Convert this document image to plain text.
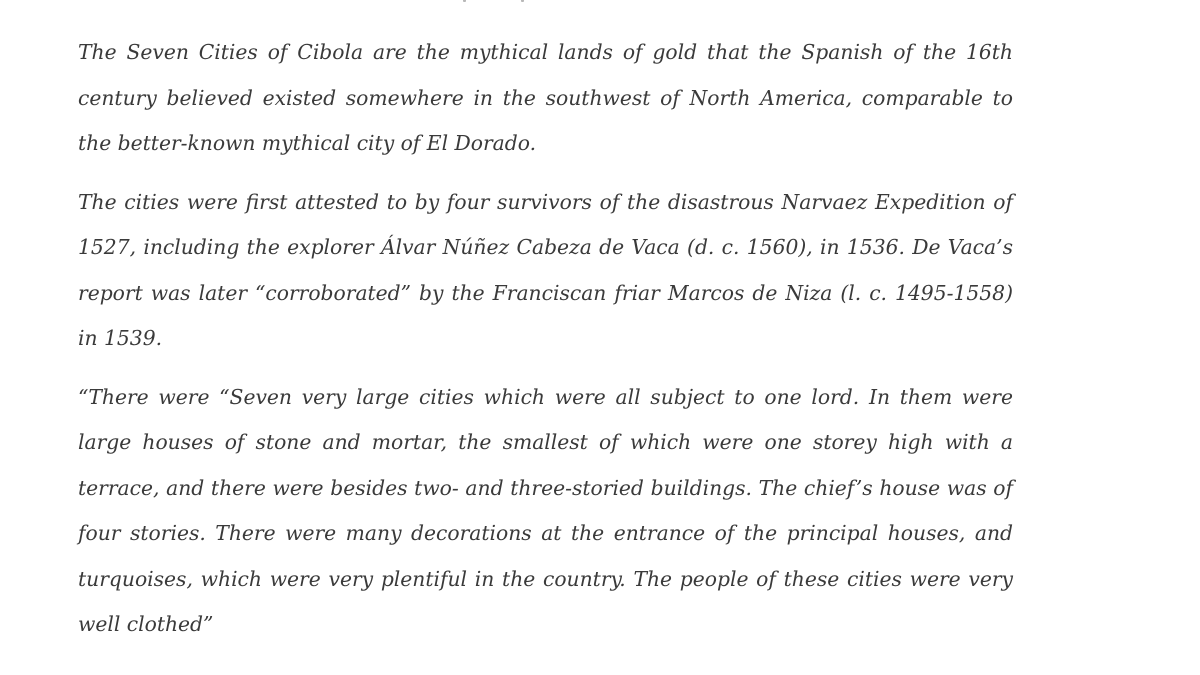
The Seven Cities of Cibola are the mythical lands of gold that the Spanish of the 16th century believed existed somewhere in the southwest of North America, comparable to the better-known mythical city of El Dorado.

The cities were first attested to by four survivors of the disastrous Narvaez Expedition of 1527, including the explorer Álvar Núñez Cabeza de Vaca (d. c. 1560), in 1536. De Vaca’s report was later “corroborated” by the Franciscan friar Marcos de Niza (l. c. 1495-1558) in 1539.

“There were “Seven very large cities which were all subject to one lord. In them were large houses of stone and mortar, the smallest of which were one storey high with a terrace, and there were besides two- and three-storied buildings. The chief’s house was of four stories. There were many decorations at the entrance of the principal houses, and turquoises, which were very plentiful in the country. The people of these cities were very well clothed”
